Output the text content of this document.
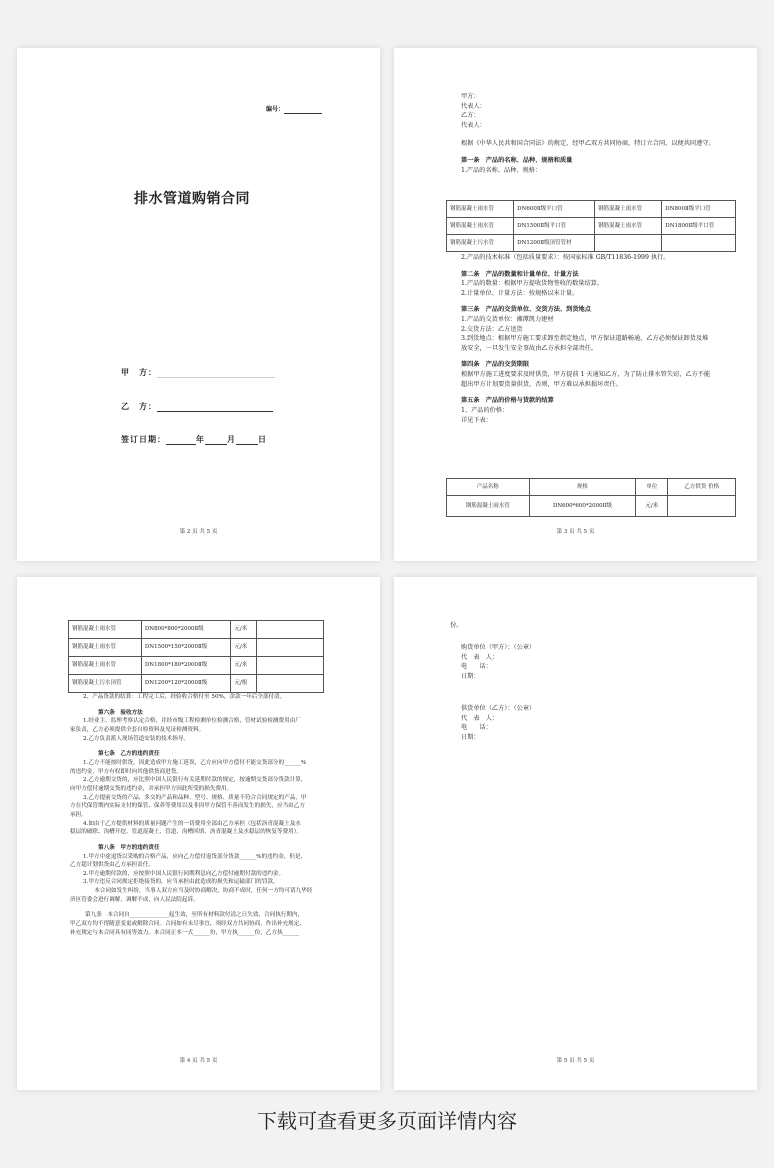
编号：
排水管道购销合同
甲　方：
乙　方：
签订日期：	年	月	日
第 2 页 共 5 页
甲方：
代表人：
乙方：
代表人：
根据《中华人民共和国合同法》的规定，经甲乙双方共同协商，特订立合同，以便共同遵守。
第一条　产品的名称、品种、规格和质量
1.产品的名称、品种、规格：
钢筋混凝土雨水管	DN600Ⅱ级平口管	钢筋混凝土雨水管	DN800Ⅱ级平口管
钢筋混凝土雨水管	DN1500Ⅱ级平口管	钢筋混凝土雨水管	DN1800Ⅱ级平口管
钢筋混凝土污水管	DN1200Ⅱ级顶管管材		
2.产品的技术标准（包括质量要求）：按国家标准 GB/T11836-1999 执行。
第二条　产品的数量和计量单位、计量方法
1.产品的数量：根据甲方提收货物签收的数量结算。
2.计量单位、计量方法：按规格以米计量。
第三条　产品的交货单位、交货方法、到货地点
1.产品的交货单位：湘潭凯力建材
2.交货方法：乙方送货
3.到货地点：根据甲方施工要求卸至指定地点，甲方保证道路畅通，乙方必须保证卸货及堆
放安全，一旦发生安全事故由乙方承担全部责任。
第四条　产品的交货期限
根据甲方施工进度要求及时供货，甲方提前 1 天通知乙方，为了防止排水管失窃，乙方不能
超出甲方计划要货量供货，否则，甲方难以承担损坏责任。
第五条　产品的价格与货款的结算
1、产品的价格：
详见下表：
产品名称	规格	单位	乙方供货 价格
钢筋混凝土雨水管	DN600*600*2000Ⅱ级	元/米	
第 3 页 共 5 页
钢筋混凝土雨水管	DN800*800*2000Ⅱ级	元/米	
钢筋混凝土雨水管	DN1500*150*2000Ⅱ级	元/米	
钢筋混凝土雨水管	DN1800*180*2000Ⅱ级	元/米	
钢筋混凝土污水顶管	DN1200*120*2000Ⅱ级	元/根	
2、产品货款的结算：工程完工后，经验收合格付至 50%，余款一年后全部付清。
第六条　验收方法
1.经业主、监理考察认定合格，并经市级工程检测单位检测合格，管材试验检测费用由厂
家负责，乙方必须提供全套自检资料及见证检测资料。
2.乙方负责派人现场管道安装的技术指导。
第七条　乙方的违约责任
1.乙方不能按时供货，因此造成甲方施工延误，乙方应向甲方偿付不能交货部分的______%
的违约金，甲方有权即时向其他供货商进货。
2.乙方逾期交货的，应比照中国人民银行有关延期付款的规定，按逾期交货部分货款计算，
向甲方偿付逾期交货的违约金，并承担甲方因此所受的损失费用。
3.乙方提前交货的产品、多交的产品和品种、型号、规格、质量不符合合同规定的产品，甲
方在代保管期内实际支付的保管、保养等费用以及非因甲方保管不善而发生的损失，应当由乙方
承担。
4.如由于乙方提供材料的质量问题产生的一切费用全部由乙方承担（包括沥青混凝土及水
稳层的破除、沟槽开挖、管道混凝土、管道、沟槽回填、沥青混凝土及水稳层的恢复等费用）。
第八条　甲方的违约责任
1.甲方中途退货以采购的合格产品，应向乙方偿付退货部分货款______%的违约金，但是，
乙方超计划供货由乙方承担责任。
2.甲方逾期付款的，应按照中国人民银行同期利息向乙方偿付逾期付款的违约金。
3.甲方违反合同规定拒绝接货的，应当承担由此造成的损失和运输部门的罚款。
　　本合同如发生纠纷，当事人双方应当及时协商解决，协商不成时，任何一方均可请九华经
济区管委会进行调解，调解不成，向人民法院起诉。
第九条　本合同自______________起生效，至所有材料款付清之日失效，合同执行期内，
甲乙双方均不得随意变更或解除合同。合同如有未尽事宜，须经双方共同协商，作出补充规定，
补充规定与本合同具有同等效力。本合同正本一式______份，甲方执______份，乙方执______
第 4 页 共 5 页
份。
购货单位（甲方）：（公章）
代　表　人：
电　　话：
日期：
供货单位（乙方）：（公章）
代　表　人：
电　　话：
日期：
第 5 页 共 5 页
下载可查看更多页面详情内容
